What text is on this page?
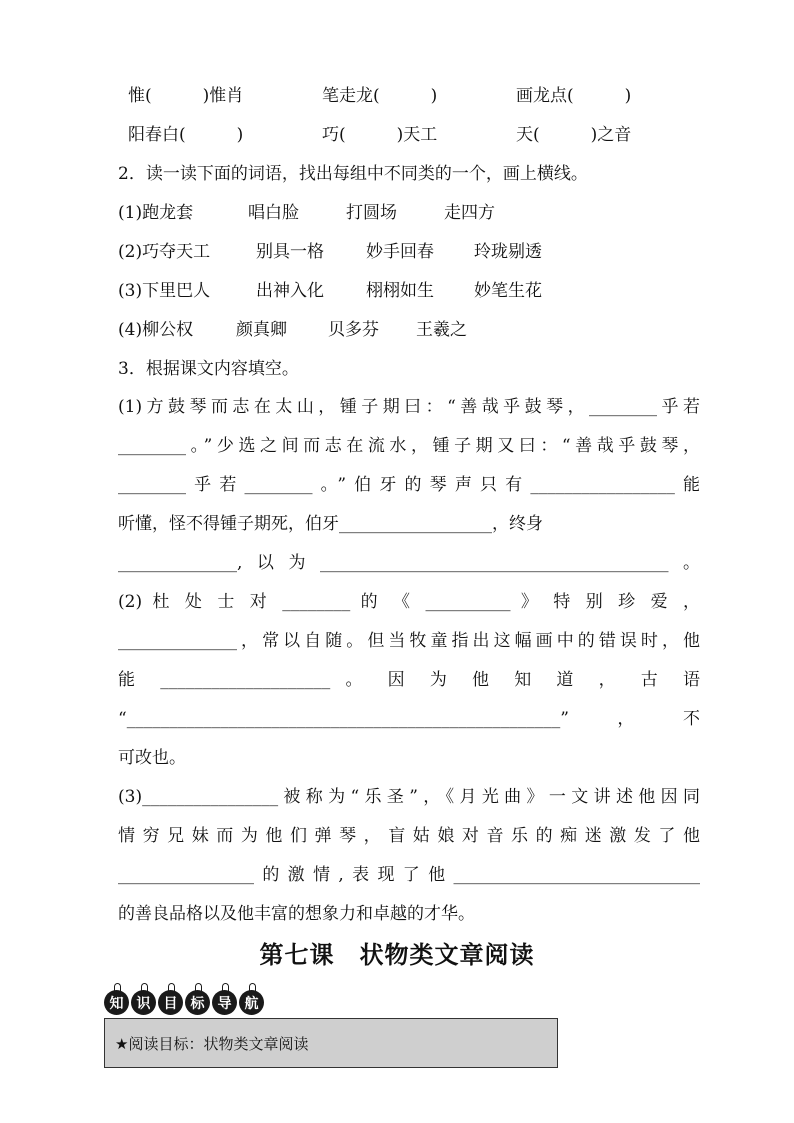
惟(　　　)惟肖	笔走龙(　　　)	画龙点(　　　)
阳春白(　　　)	巧(　　　)天工	天(　　　)之音
2．读一读下面的词语，找出每组中不同类的一个，画上横线。
(1)跑龙套	唱白脸	打圆场	走四方
(2)巧夺天工	别具一格 妙手回春 玲珑剔透
(3)下里巴人	出神入化 栩栩如生 妙笔生花
(4)柳公权	颜真卿 贝多芬 王羲之
3．根据课文内容填空。
(1)方鼓琴而志在太山，锺子期曰：“善哉乎鼓琴，________乎若
________。”少选之间而志在流水，锺子期又曰：“善哉乎鼓琴，
________乎若________。”伯牙的琴声只有_________________能
听懂，怪不得锺子期死，伯牙__________________，终身
______________,以为_________________________________________。
(2) 杜 处 士 对 ________ 的 《 __________ 》 特 别 珍 爱 ，
______________，常以自随。但当牧童指出这幅画中的错误时，他
能 ____________________ 。 因 为 他 知 道 ， 古 语
“___________________________________________________”，不
可改也。
(3)________________被称为“乐圣”，《月光曲》一文讲述他因同
情 穷 兄 妹 而 为 他 们 弹 琴 ， 盲 姑 娘 对 音 乐 的 痴 迷 激 发 了 他
________________的激情,表现了他_____________________________
的善良品格以及他丰富的想象力和卓越的才华。
第七课　状物类文章阅读
知 识 目 标 导 航
★阅读目标：状物类文章阅读
